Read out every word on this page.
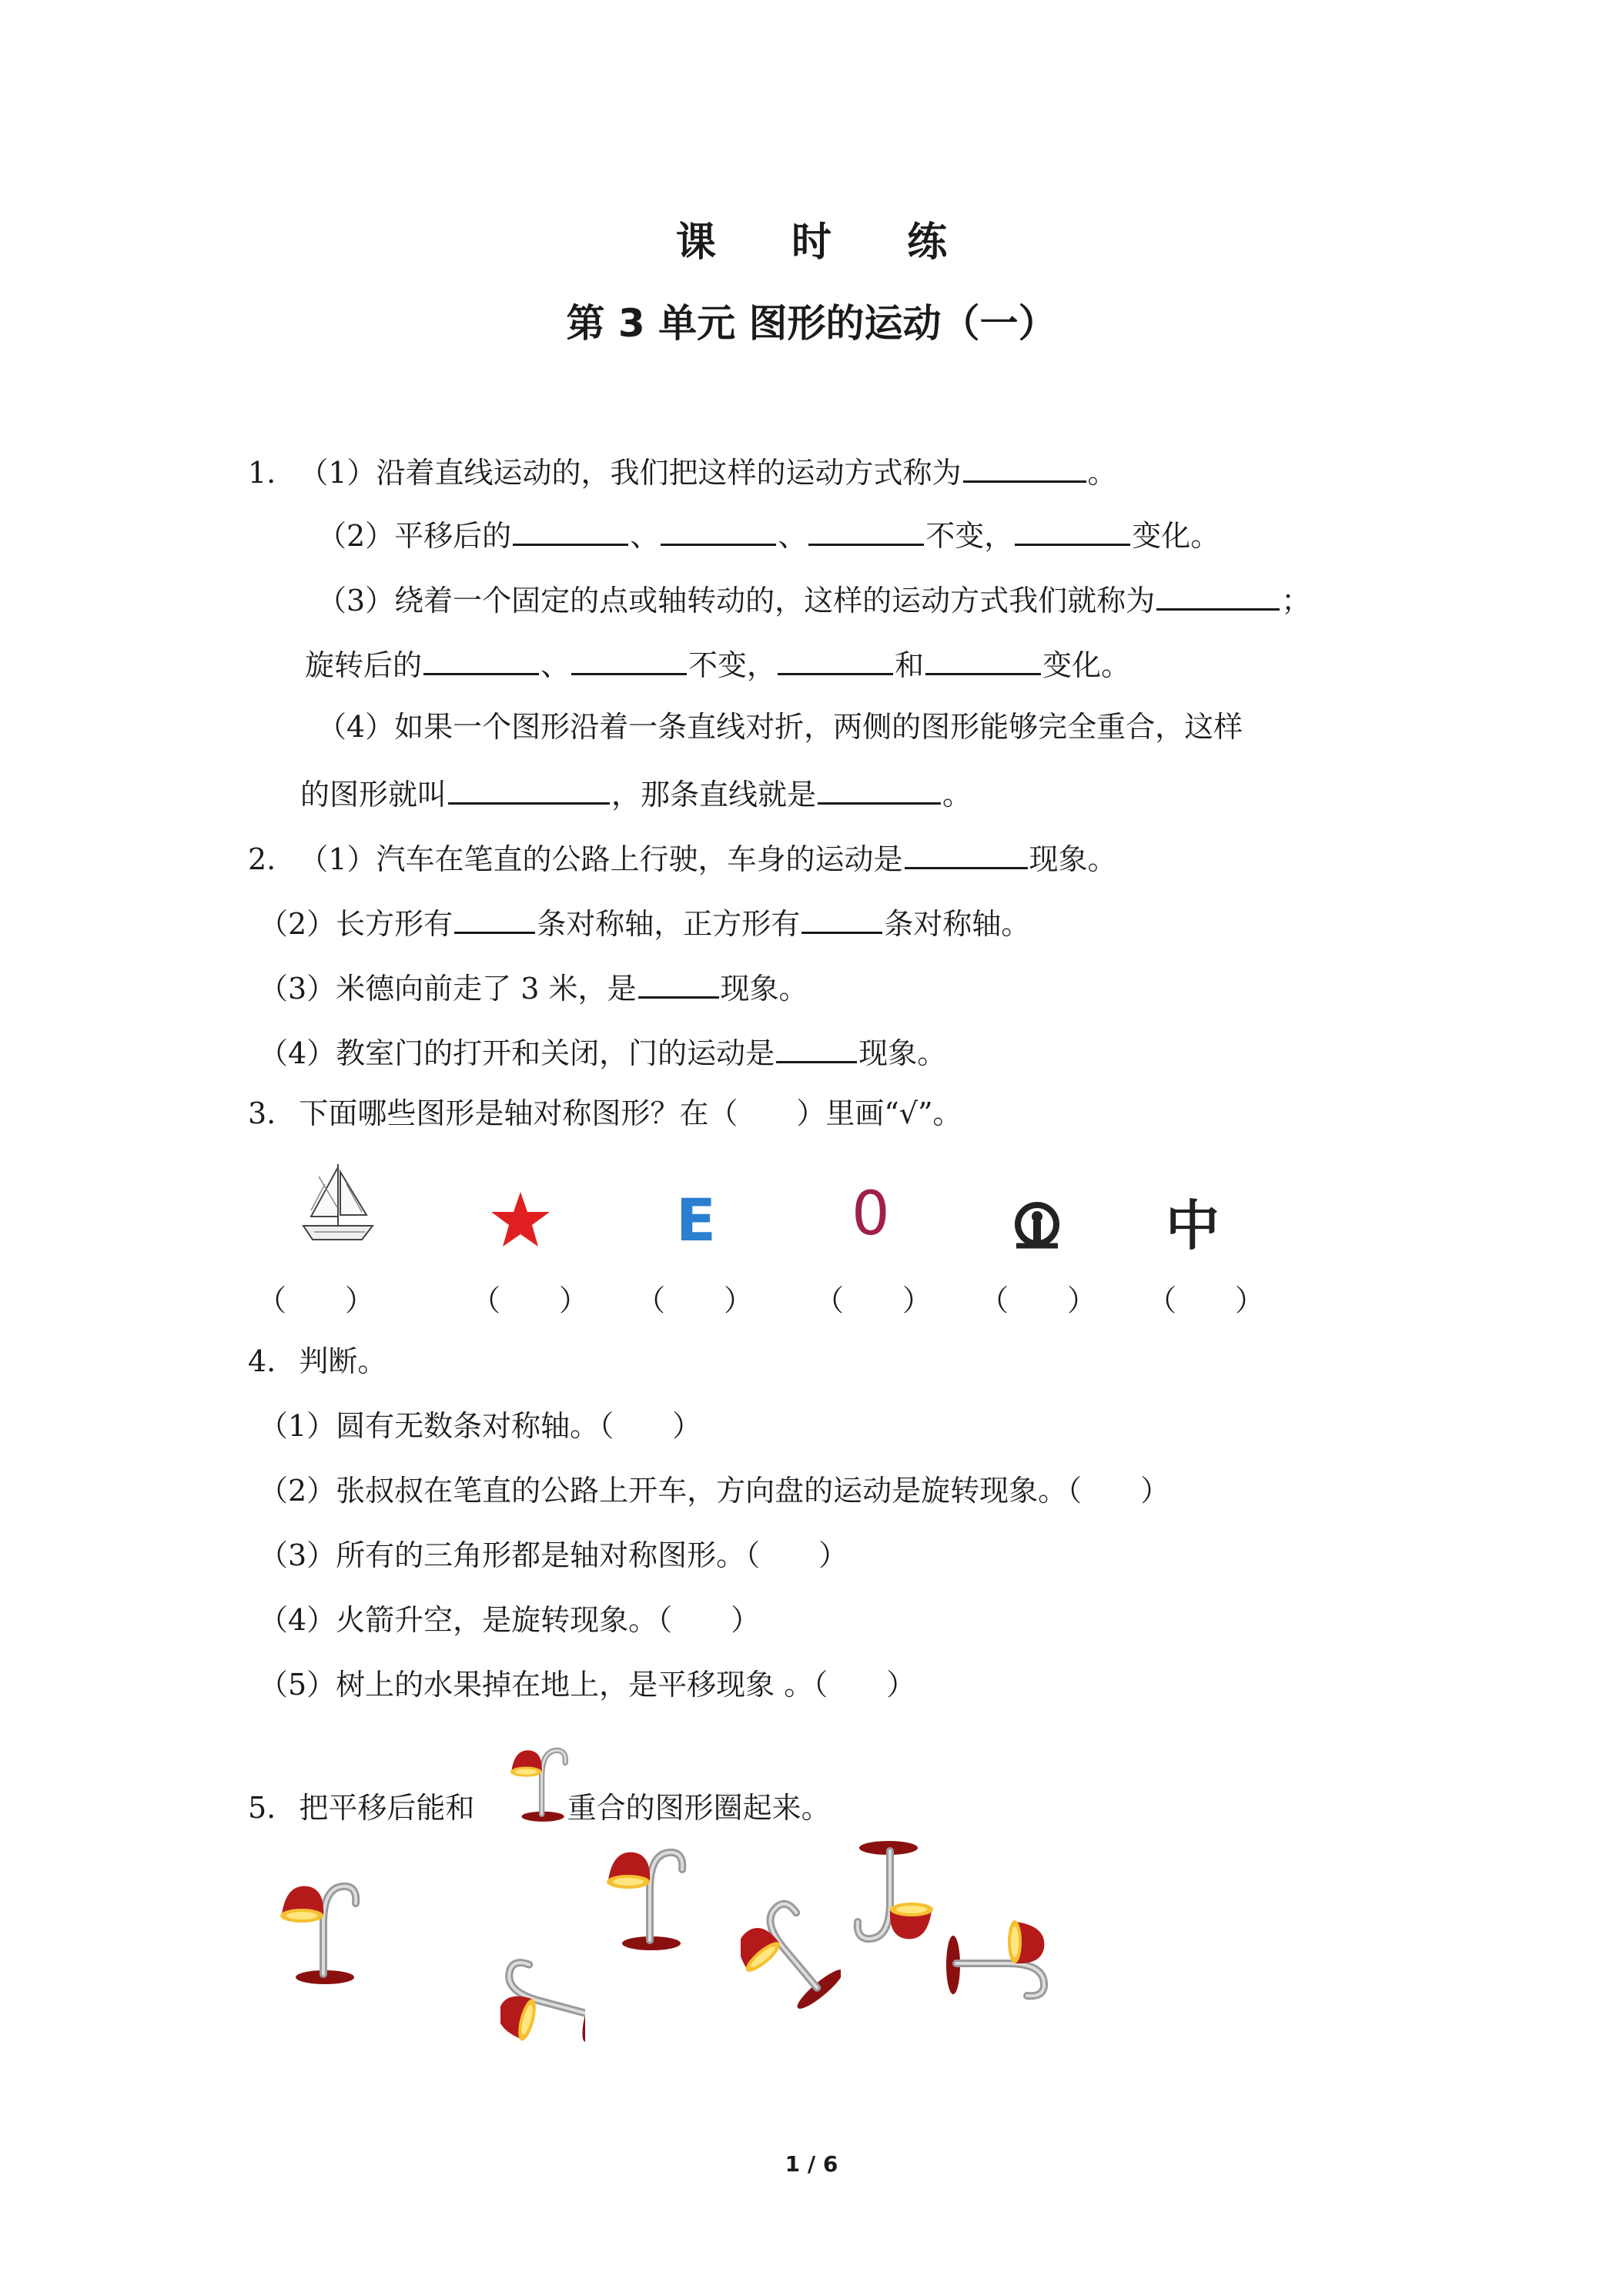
课 时 练
第 3 单元 图形的运动（一）
1. （1）沿着直线运动的，我们把这样的运动方式称为	。
（2）平移后的	、	、	不变，	变化。
（3）绕着一个固定的点或轴转动的，这样的运动方式我们就称为	；
旋转后的	、	不变，	和	变化。
（4）如果一个图形沿着一条直线对折，两侧的图形能够完全重合，这样
的图形就叫	，那条直线就是	。
2. （1）汽车在笔直的公路上行驶，车身的运动是	现象。
（2）长方形有	条对称轴，正方形有	条对称轴。
（3）米德向前走了 3 米，是	现象。
（4）教室门的打开和关闭，门的运动是	现象。
3. 下面哪些图形是轴对称图形？在（　　）里画“√”。
E 0	中
（　　）	（　　） （　　） （　　） （　　） （　　）
4. 判断。
（1）圆有无数条对称轴。（　　）
（2）张叔叔在笔直的公路上开车，方向盘的运动是旋转现象。（　　）
（3）所有的三角形都是轴对称图形。（　　）
（4）火箭升空，是旋转现象。（　　）
（5）树上的水果掉在地上，是平移现象 。（　　）
5. 把平移后能和	重合的图形圈起来。
1 / 6
